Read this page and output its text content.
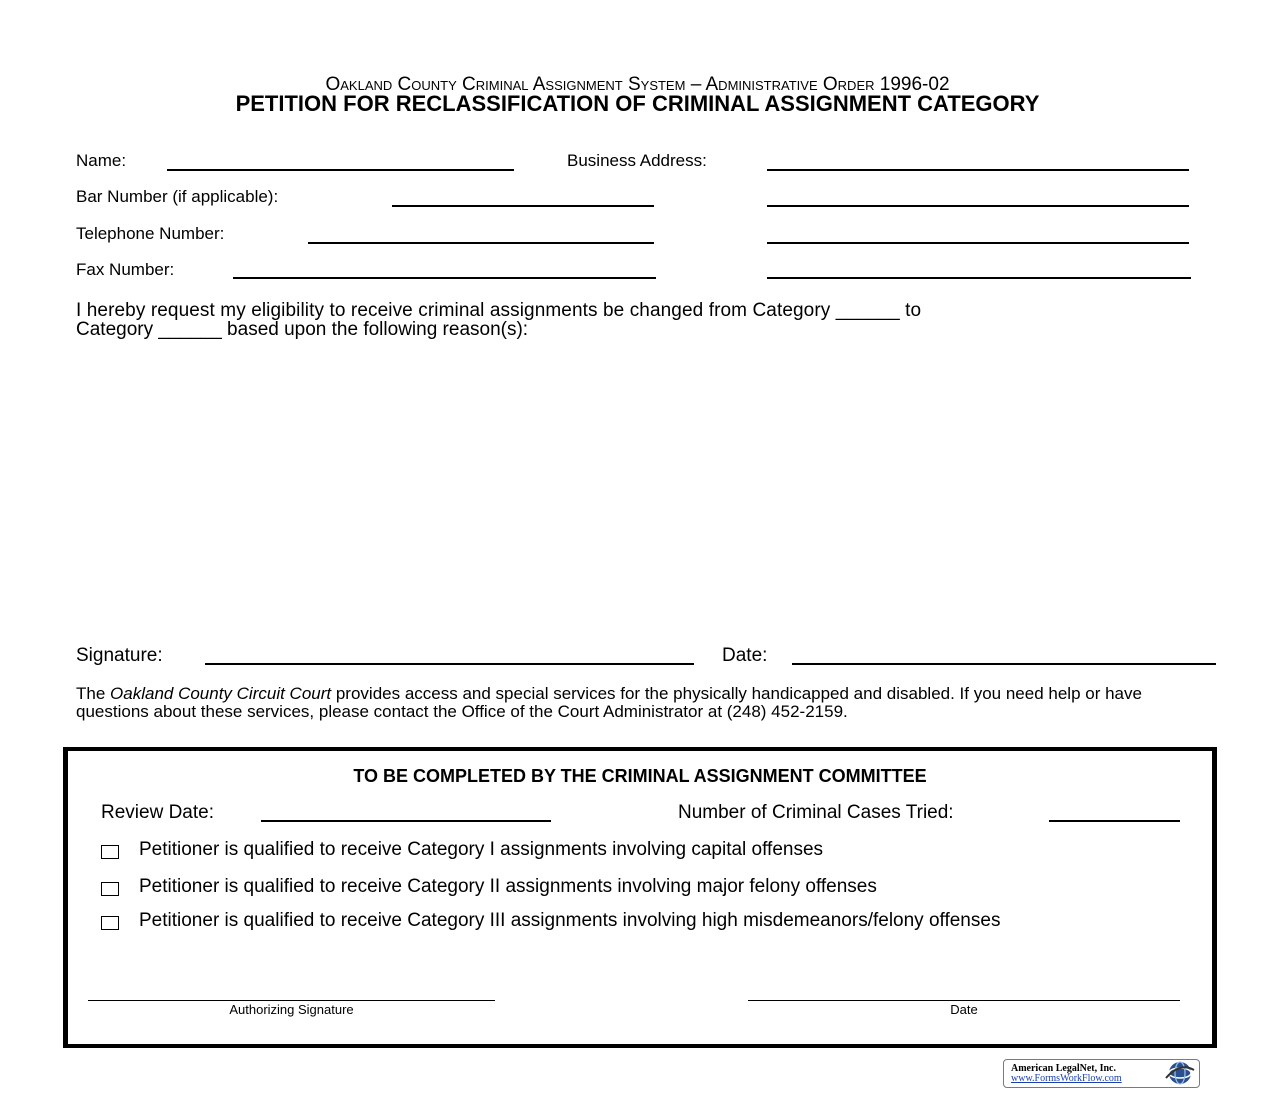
Oakland County Criminal Assignment System – Administrative Order 1996-02
PETITION FOR RECLASSIFICATION OF CRIMINAL ASSIGNMENT CATEGORY
Name:	Business Address:
Bar Number (if applicable):
Telephone Number:
Fax Number:
I hereby request my eligibility to receive criminal assignments be changed from Category ______ to
Category ______ based upon the following reason(s):
Signature:	Date:
The Oakland County Circuit Court provides access and special services for the physically handicapped and disabled. If you need help or have questions about these services, please contact the Office of the Court Administrator at (248) 452-2159.
TO BE COMPLETED BY THE CRIMINAL ASSIGNMENT COMMITTEE
Review Date:	Number of Criminal Cases Tried:
Petitioner is qualified to receive Category I assignments involving capital offenses
Petitioner is qualified to receive Category II assignments involving major felony offenses
Petitioner is qualified to receive Category III assignments involving high misdemeanors/felony offenses
Authorizing Signature	Date
American LegalNet, Inc.
www.FormsWorkFlow.com
